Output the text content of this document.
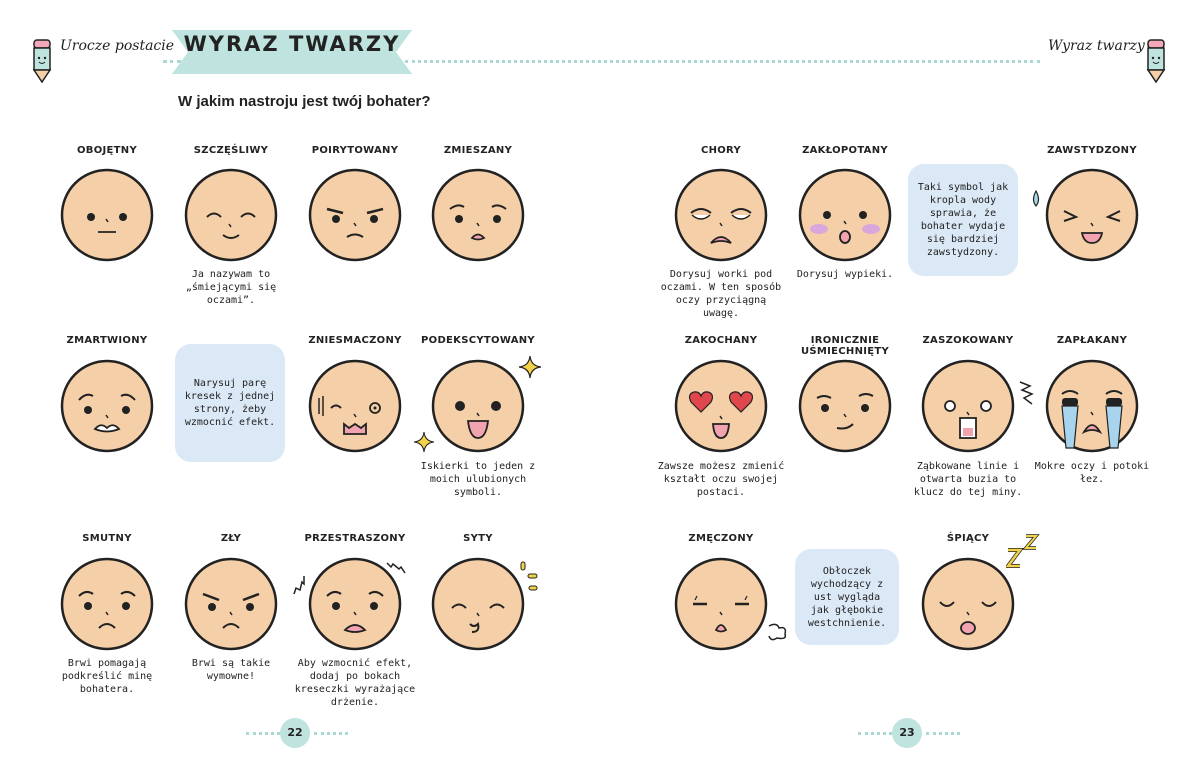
Urocze postacie WYRAZ TWARZY	Wyraz twarzy
W jakim nastroju jest twój bohater?
OBOJĘTNY	SZCZĘŚLIWY	POIRYTOWANY	ZMIESZANY
Ja nazywam to „śmiejącymi się oczami”.
ZMARTWIONY	ZNIESMACZONY	PODEKSCYTOWANY
Narysuj parę kresek z jednej strony, żeby wzmocnić efekt.
Iskierki to jeden z moich ulubionych symboli.
SMUTNY	ZŁY	PRZESTRASZONY	SYTY
Brwi pomagają podkreślić minę bohatera.
Brwi są takie wymowne!
Aby wzmocnić efekt, dodaj po bokach kreseczki wyrażające drżenie.
22
CHORY	ZAKŁOPOTANY	ZAWSTYDZONY
Taki symbol jak kropla wody sprawia, że bohater wydaje się bardziej zawstydzony.
Dorysuj worki pod oczami. W ten sposób oczy przyciągną uwagę.
Dorysuj wypieki.
ZAKOCHANY	IRONICZNIE UŚMIECHNIĘTY
ZASZOKOWANY	ZAPŁAKANY
Zawsze możesz zmienić kształt oczu swojej postaci.
Ząbkowane linie i otwarta buzia to klucz do tej miny.
Mokre oczy i potoki łez.
ZMĘCZONY	ŚPIĄCY
Obłoczek wychodzący z ust wygląda jak głębokie westchnienie.
23
